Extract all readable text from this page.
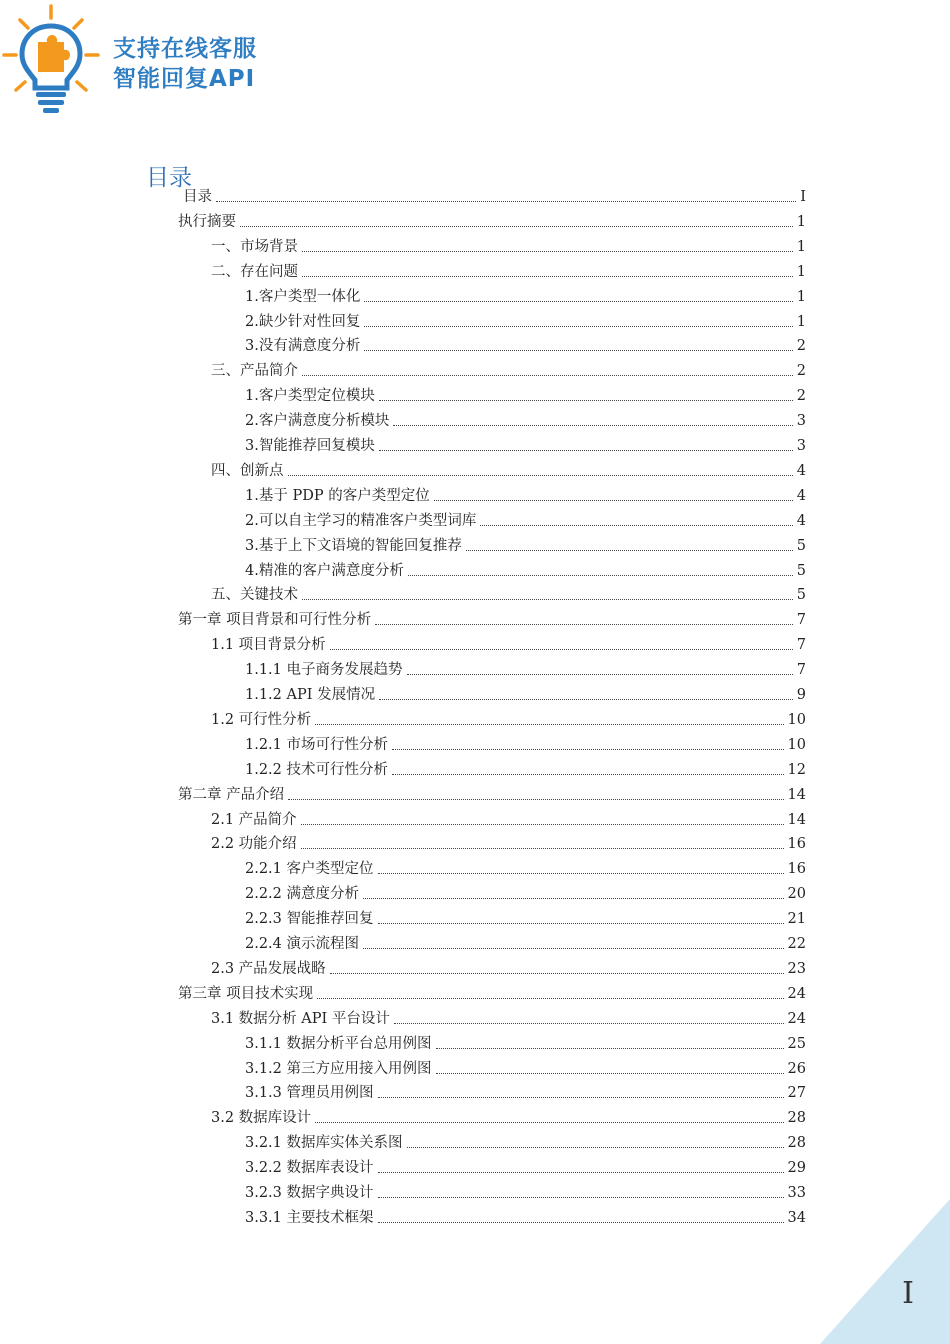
支持在线客服
智能回复API
目录
目录	I
执行摘要	1
一、市场背景	1
二、存在问题	1
1.客户类型一体化	1
2.缺少针对性回复	1
3.没有满意度分析	2
三、产品简介	2
1.客户类型定位模块	2
2.客户满意度分析模块	3
3.智能推荐回复模块	3
四、创新点	4
1.基于 PDP 的客户类型定位	4
2.可以自主学习的精准客户类型词库	4
3.基于上下文语境的智能回复推荐	5
4.精准的客户满意度分析	5
五、关键技术	5
第一章 项目背景和可行性分析	7
1.1 项目背景分析	7
1.1.1 电子商务发展趋势	7
1.1.2 API 发展情况	9
1.2 可行性分析	10
1.2.1 市场可行性分析	10
1.2.2 技术可行性分析	12
第二章 产品介绍	14
2.1 产品简介	14
2.2 功能介绍	16
2.2.1 客户类型定位	16
2.2.2 满意度分析	20
2.2.3 智能推荐回复	21
2.2.4 演示流程图	22
2.3 产品发展战略	23
第三章 项目技术实现	24
3.1 数据分析 API 平台设计	24
3.1.1 数据分析平台总用例图	25
3.1.2 第三方应用接入用例图	26
3.1.3 管理员用例图	27
3.2 数据库设计	28
3.2.1 数据库实体关系图	28
3.2.2 数据库表设计	29
3.2.3 数据字典设计	33
3.3.1 主要技术框架	34
I
